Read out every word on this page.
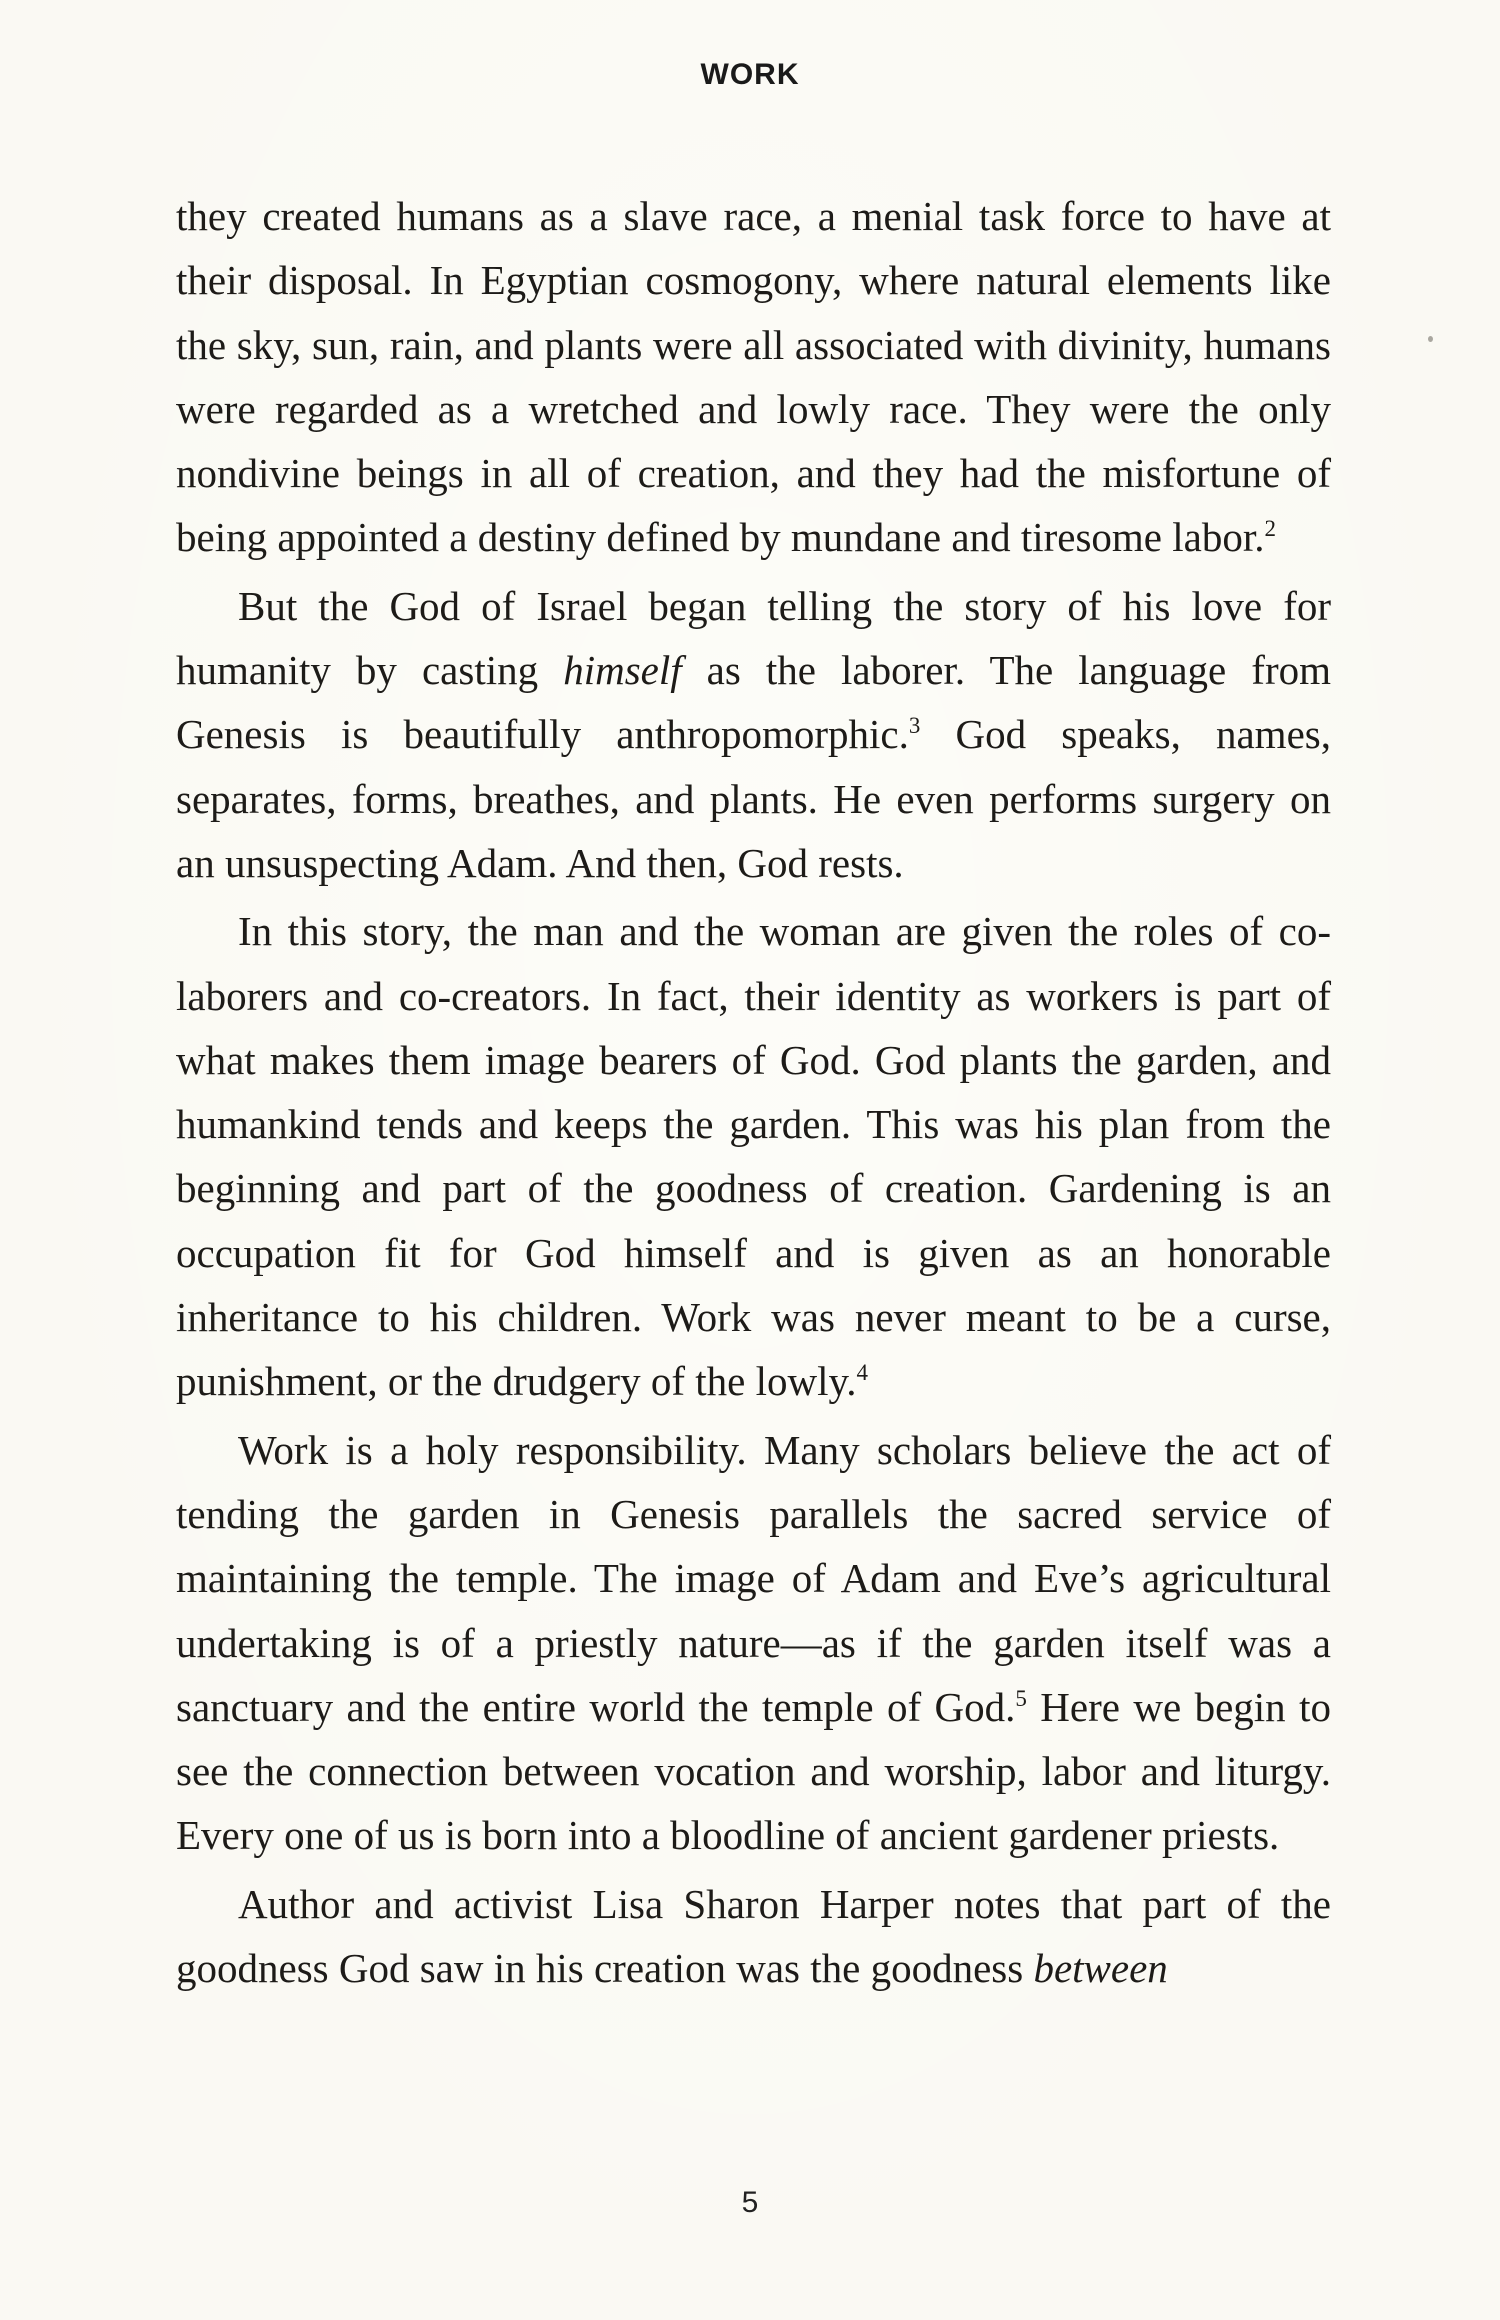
WORK

they created humans as a slave race, a menial task force to have at their disposal. In Egyptian cosmogony, where natural elements like the sky, sun, rain, and plants were all associated with divinity, humans were regarded as a wretched and lowly race. They were the only nondivine beings in all of creation, and they had the misfortune of being appointed a destiny defined by mundane and tiresome labor.$^2$

But the God of Israel began telling the story of his love for humanity by casting himself as the laborer. The language from Genesis is beautifully anthropomorphic.$^3$ God speaks, names, separates, forms, breathes, and plants. He even performs surgery on an unsuspecting Adam. And then, God rests.

In this story, the man and the woman are given the roles of co-laborers and co-creators. In fact, their identity as workers is part of what makes them image bearers of God. God plants the garden, and humankind tends and keeps the garden. This was his plan from the beginning and part of the goodness of creation. Gardening is an occupation fit for God himself and is given as an honorable inheritance to his children. Work was never meant to be a curse, punishment, or the drudgery of the lowly.$^4$

Work is a holy responsibility. Many scholars believe the act of tending the garden in Genesis parallels the sacred service of maintaining the temple. The image of Adam and Eve’s agricultural undertaking is of a priestly nature—as if the garden itself was a sanctuary and the entire world the temple of God.$^5$ Here we begin to see the connection between vocation and worship, labor and liturgy. Every one of us is born into a bloodline of ancient gardener priests.

Author and activist Lisa Sharon Harper notes that part of the goodness God saw in his creation was the goodness between

5
